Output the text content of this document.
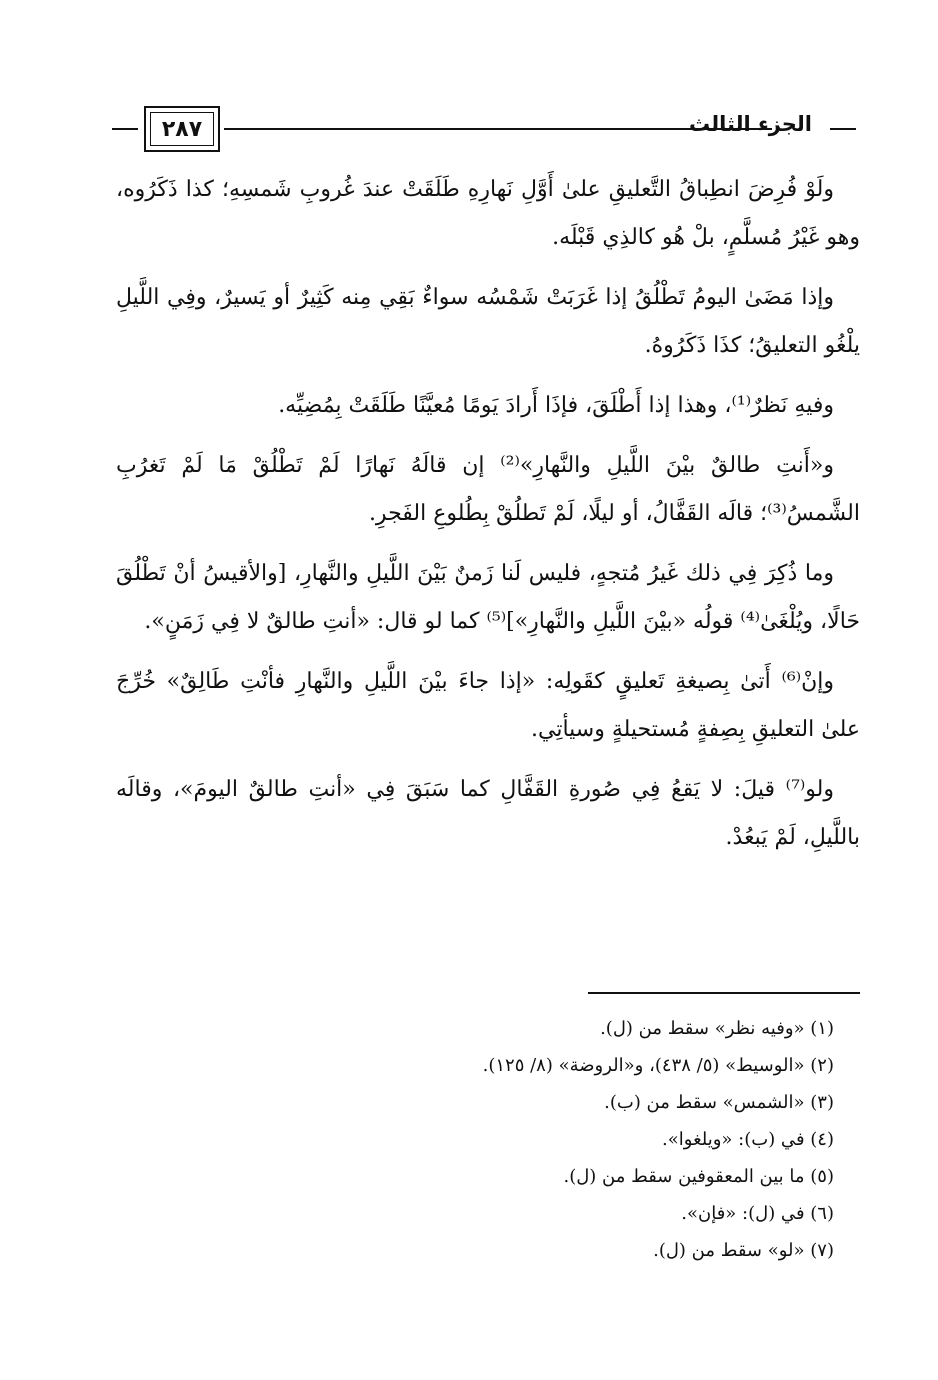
٢٨٧	الجزء الثالث

ولَوْ فُرِضَ انطِباقُ التَّعليقِ علىٰ أَوَّلِ نَهارِهِ طَلَقَتْ عندَ غُروبِ شَمسِهِ؛ كذا ذَكَرُوه، وهو غَيْرُ مُسلَّمٍ، بلْ هُو كالذِي قَبْلَه.

وإذا مَضَىٰ اليومُ تَطْلُقُ إذا غَرَبَتْ شَمْسُه سواءٌ بَقِي مِنه كَثِيرٌ أو يَسيرٌ، وفِي اللَّيلِ يلْغُو التعليقُ؛ كذَا ذَكَرُوهُ.

وفيهِ نَظرٌ⁽¹⁾، وهذا إذا أَطْلَقَ، فإذَا أَرادَ يَومًا مُعيَّنًا طَلَقَتْ بِمُضِيِّه.

و«أَنتِ طالقٌ بيْنَ اللَّيلِ والنَّهارِ»⁽²⁾ إن قالَهُ نَهارًا لَمْ تَطْلُقْ مَا لَمْ تَغرُبِ الشَّمسُ⁽³⁾؛ قالَه القَفَّالُ، أو ليلًا، لَمْ تَطلُقْ بِطُلوعِ الفَجرِ.

وما ذُكِرَ فِي ذلك غَيرُ مُتجهٍ، فليس لَنا زَمنٌ بَيْنَ اللَّيلِ والنَّهارِ، [والأقيسُ أنْ تَطْلُقَ حَالًا، ويُلْغَىٰ⁽⁴⁾ قولُه «بيْنَ اللَّيلِ والنَّهارِ»]⁽⁵⁾ كما لو قال: «أنتِ طالقٌ لا فِي زَمَنٍ».

وإنْ⁽⁶⁾ أَتىٰ بِصيغةِ تَعليقٍ كقَولِه: «إذا جاءَ بيْنَ اللَّيلِ والنَّهارِ فأنْتِ طَالِقٌ» خُرِّجَ علىٰ التعليقِ بِصِفةٍ مُستحيلةٍ وسيأتِي.

ولو⁽⁷⁾ قيلَ: لا يَقعُ فِي صُورةِ القَفَّالِ كما سَبَقَ فِي «أنتِ طالقٌ اليومَ»، وقالَه باللَّيلِ، لَمْ يَبعُدْ.

(١) «وفيه نظر» سقط من (ل).
(٢) «الوسيط» (٥/ ٤٣٨)، و«الروضة» (٨/ ١٢٥).
(٣) «الشمس» سقط من (ب).
(٤) في (ب): «ويلغوا».
(٥) ما بين المعقوفين سقط من (ل).
(٦) في (ل): «فإن».
(٧) «لو» سقط من (ل).
